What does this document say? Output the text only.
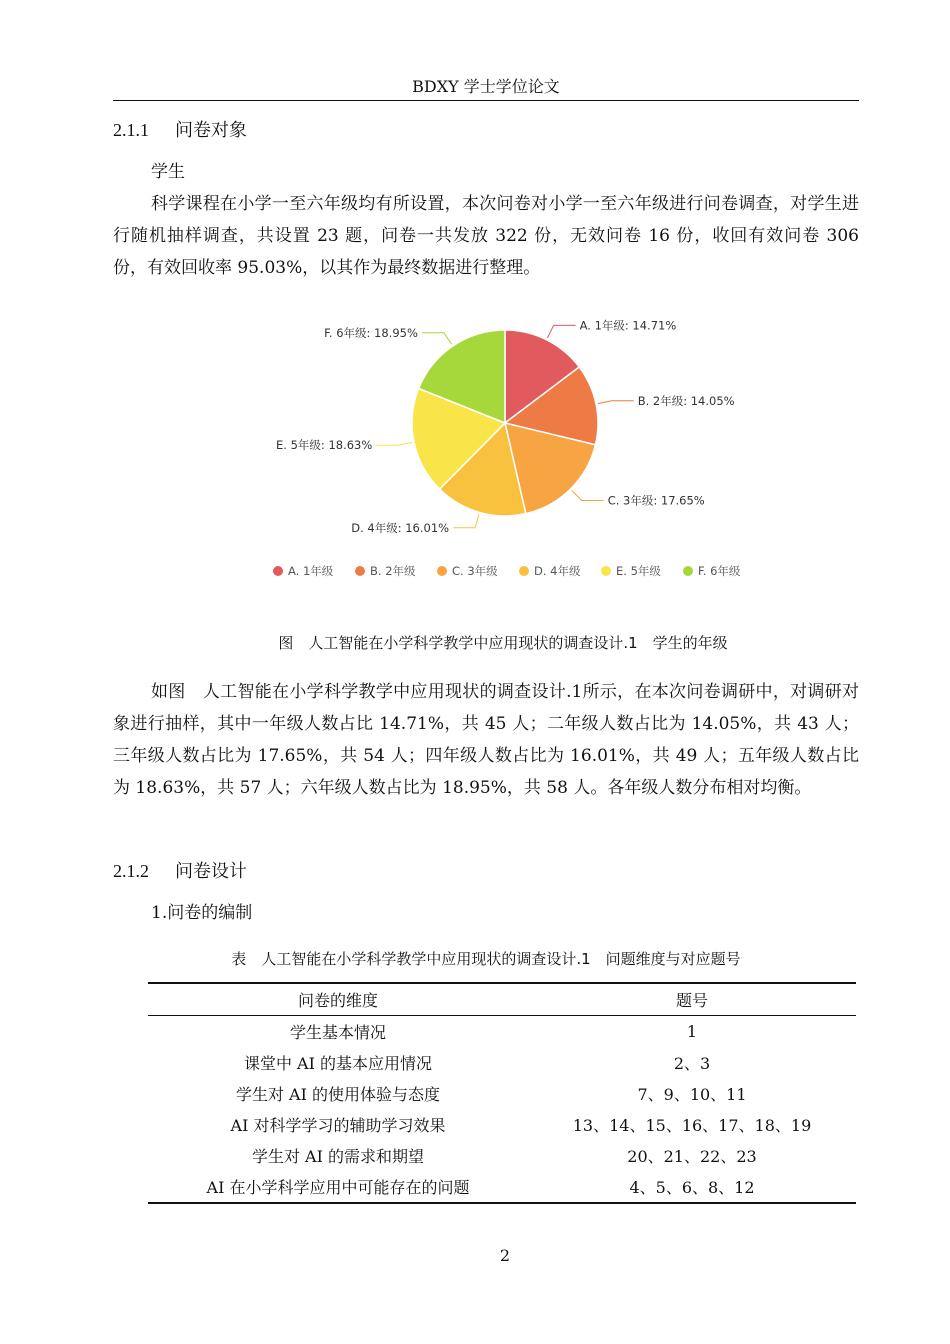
BDXY 学士学位论文
2.1.1 问卷对象
学生
科学课程在小学一至六年级均有所设置，本次问卷对小学一至六年级进行问卷调查，对学生进行随机抽样调查，共设置 23 题，问卷一共发放 322 份，无效问卷 16 份，收回有效问卷 306 份，有效回收率 95.03%，以其作为最终数据进行整理。
A. 1年级: 14.71%
B. 2年级: 14.05%
C. 3年级: 17.65%
D. 4年级: 16.01%
E. 5年级: 18.63%
F. 6年级: 18.95%
A. 1年级	B. 2年级	C. 3年级	D. 4年级	E. 5年级	F. 6年级
图　人工智能在小学科学教学中应用现状的调查设计.1　学生的年级
如图　人工智能在小学科学教学中应用现状的调查设计.1所示，在本次问卷调研中，对调研对象进行抽样，其中一年级人数占比 14.71%，共 45 人；二年级人数占比为 14.05%，共 43 人；三年级人数占比为 17.65%，共 54 人；四年级人数占比为 16.01%，共 49 人；五年级人数占比为 18.63%，共 57 人；六年级人数占比为 18.95%，共 58 人。各年级人数分布相对均衡。
2.1.2 问卷设计
1.问卷的编制
表　人工智能在小学科学教学中应用现状的调查设计.1　问题维度与对应题号
问卷的维度	题号
学生基本情况	1
课堂中 AI 的基本应用情况	2、3
学生对 AI 的使用体验与态度	7、9、10、11
AI 对科学学习的辅助学习效果	13、14、15、16、17、18、19
学生对 AI 的需求和期望	20、21、22、23
AI 在小学科学应用中可能存在的问题	4、5、6、8、12
2
